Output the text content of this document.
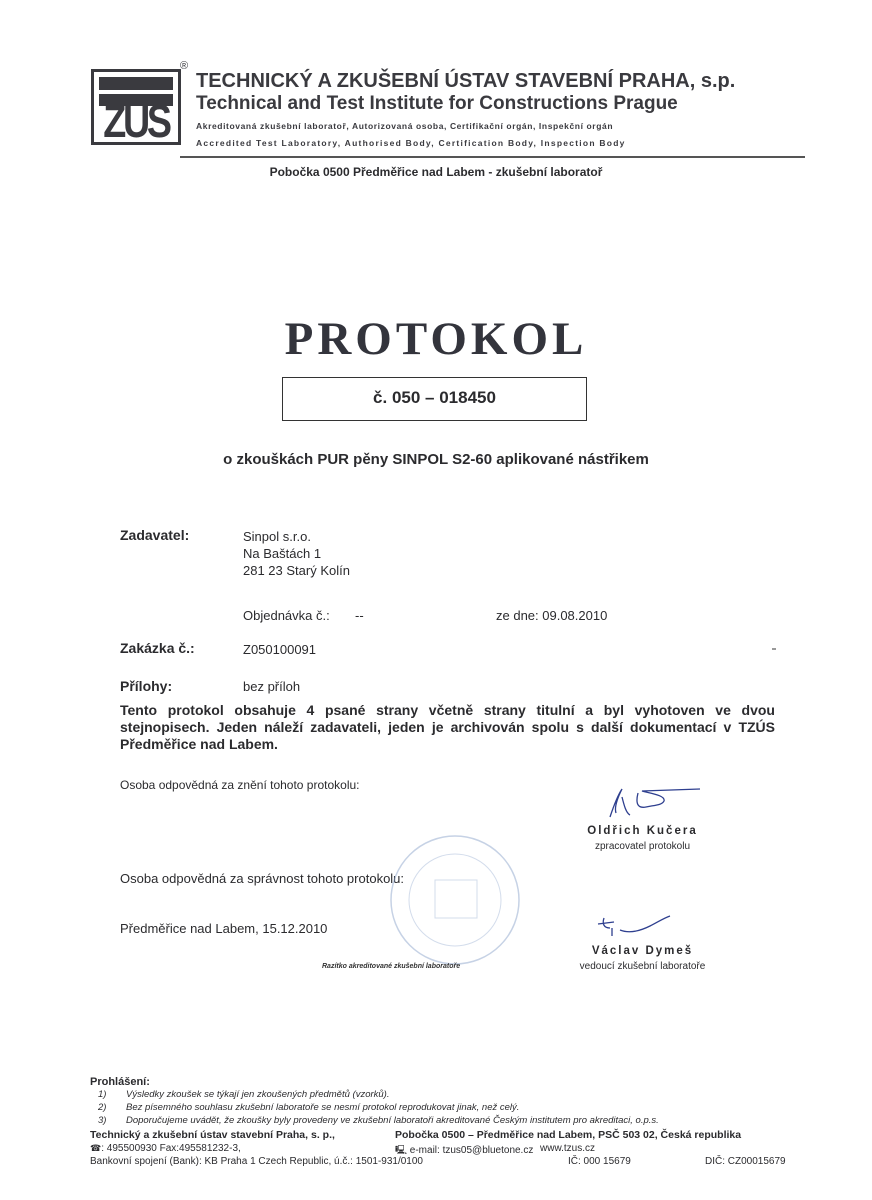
ZÚS
®
TECHNICKÝ A ZKUŠEBNÍ ÚSTAV STAVEBNÍ PRAHA, s.p.
Technical and Test Institute for Constructions Prague
Akreditovaná zkušební laboratoř, Autorizovaná osoba, Certifikační orgán, Inspekční orgán
Accredited Test Laboratory, Authorised Body, Certification Body, Inspection Body
Pobočka 0500 Předměřice nad Labem - zkušební laboratoř
PROTOKOL
č. 050 – 018450
o zkouškách PUR pěny SINPOL S2-60 aplikované nástřikem
Zadavatel:	Sinpol s.r.o.
Na Baštách 1
281 23 Starý Kolín
Objednávka č.: --	ze dne: 09.08.2010
Zakázka č.:	Z050100091
Přílohy:	bez příloh
Tento protokol obsahuje 4 psané strany včetně strany titulní a byl vyhotoven ve dvou stejnopisech. Jeden náleží zadavateli, jeden je archivován spolu s další dokumentací v TZÚS Předměřice nad Labem.
Osoba odpovědná za znění tohoto protokolu:
Oldřich Kučera
zpracovatel protokolu
Osoba odpovědná za správnost tohoto protokolu:
Předměřice nad Labem, 15.12.2010
Razítko akreditované zkušební laboratoře
Václav Dymeš
vedoucí zkušební laboratoře
Prohlášení:
1) Výsledky zkoušek se týkají jen zkoušených předmětů (vzorků).
2) Bez písemného souhlasu zkušební laboratoře se nesmí protokol reprodukovat jinak, než celý.
3) Doporučujeme uvádět, že zkoušky byly provedeny ve zkušební laboratoři akreditované Českým institutem pro akreditaci, o.p.s.
Technický a zkušební ústav stavební Praha, s. p.,	Pobočka 0500 – Předměřice nad Labem, PSČ 503 02, Česká republika
☎: 495500930 Fax:495581232-3,	🖳 e-mail: tzus05@bluetone.cz www.tzus.cz
Bankovní spojení (Bank): KB Praha 1 Czech Republic, ú.č.: 1501-931/0100	IČ: 000 15679	DIČ: CZ00015679
